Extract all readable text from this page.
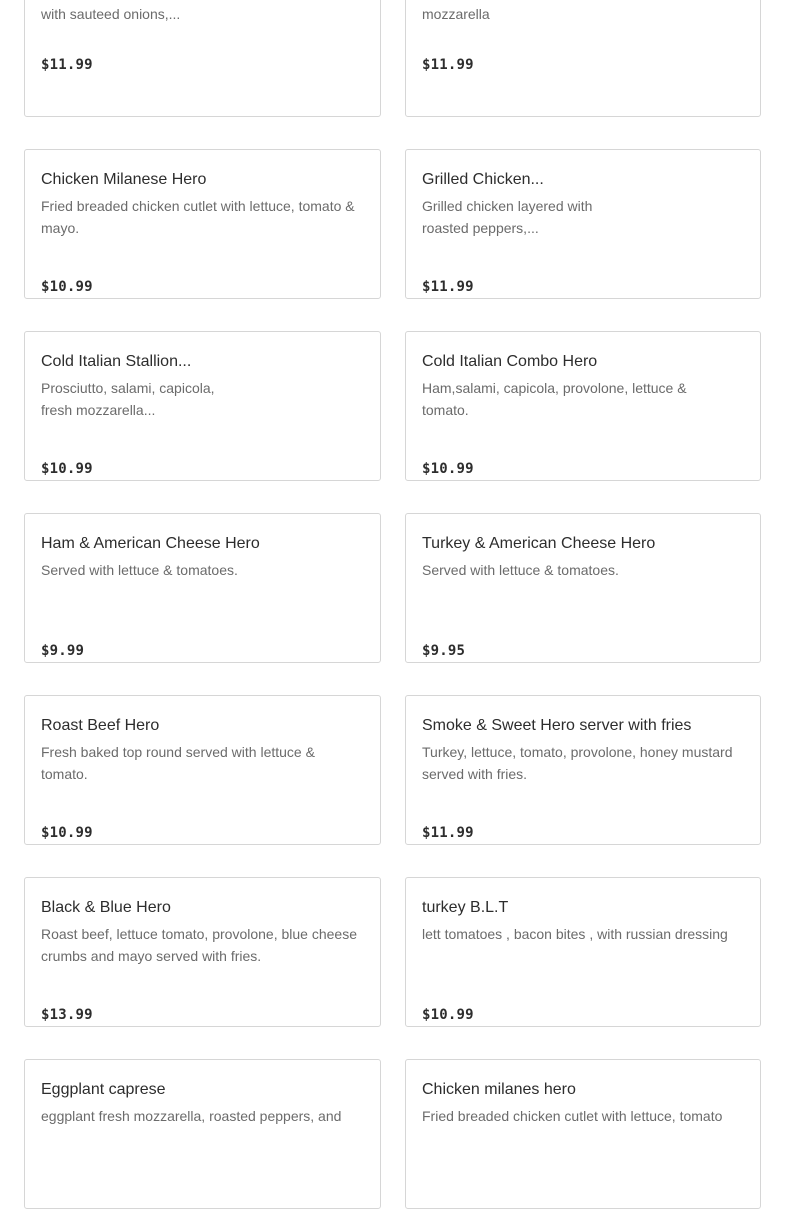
with sauteed onions,...
$11.99
mozzarella
$11.99
Chicken Milanese Hero
Fried breaded chicken cutlet with lettuce, tomato & mayo.
$10.99
Grilled Chicken...
Grilled chicken layered with roasted peppers,...
$11.99
Cold Italian Stallion...
Prosciutto, salami, capicola, fresh mozzarella...
$10.99
Cold Italian Combo Hero
Ham,salami, capicola, provolone, lettuce & tomato.
$10.99
Ham & American Cheese Hero
Served with lettuce & tomatoes.
$9.99
Turkey & American Cheese Hero
Served with lettuce & tomatoes.
$9.95
Roast Beef Hero
Fresh baked top round served with lettuce & tomato.
$10.99
Smoke & Sweet Hero server with fries
Turkey, lettuce, tomato, provolone, honey mustard served with fries.
$11.99
Black & Blue Hero
Roast beef, lettuce tomato, provolone, blue cheese crumbs and mayo served with fries.
$13.99
turkey B.L.T
lett tomatoes , bacon bites , with russian dressing
$10.99
Eggplant caprese
eggplant fresh mozzarella, roasted peppers, and
Chicken milanes hero
Fried breaded chicken cutlet with lettuce, tomato
